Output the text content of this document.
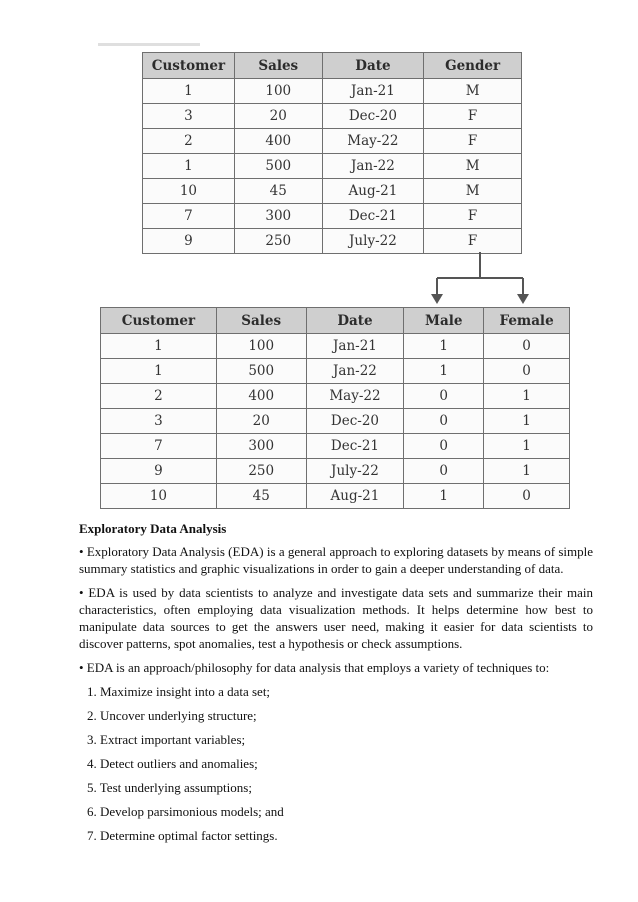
Customer	Sales	Date	Gender
1	100	Jan-21	M
3	20	Dec-20	F
2	400	May-22	F
1	500	Jan-22	M
10	45	Aug-21	M
7	300	Dec-21	F
9	250	July-22	F
Customer	Sales	Date	Male	Female
1	100	Jan-21	1	0
1	500	Jan-22	1	0
2	400	May-22	0	1
3	20	Dec-20	0	1
7	300	Dec-21	0	1
9	250	July-22	0	1
10	45	Aug-21	1	0
Exploratory Data Analysis

• Exploratory Data Analysis (EDA) is a general approach to exploring datasets by means of simple summary statistics and graphic visualizations in order to gain a deeper understanding of data.

• EDA is used by data scientists to analyze and investigate data sets and summarize their main characteristics, often employing data visualization methods. It helps determine how best to manipulate data sources to get the answers user need, making it easier for data scientists to discover patterns, spot anomalies, test a hypothesis or check assumptions.

• EDA is an approach/philosophy for data analysis that employs a variety of techniques to:

1. Maximize insight into a data set;
2. Uncover underlying structure;
3. Extract important variables;
4. Detect outliers and anomalies;
5. Test underlying assumptions;
6. Develop parsimonious models; and
7. Determine optimal factor settings.
